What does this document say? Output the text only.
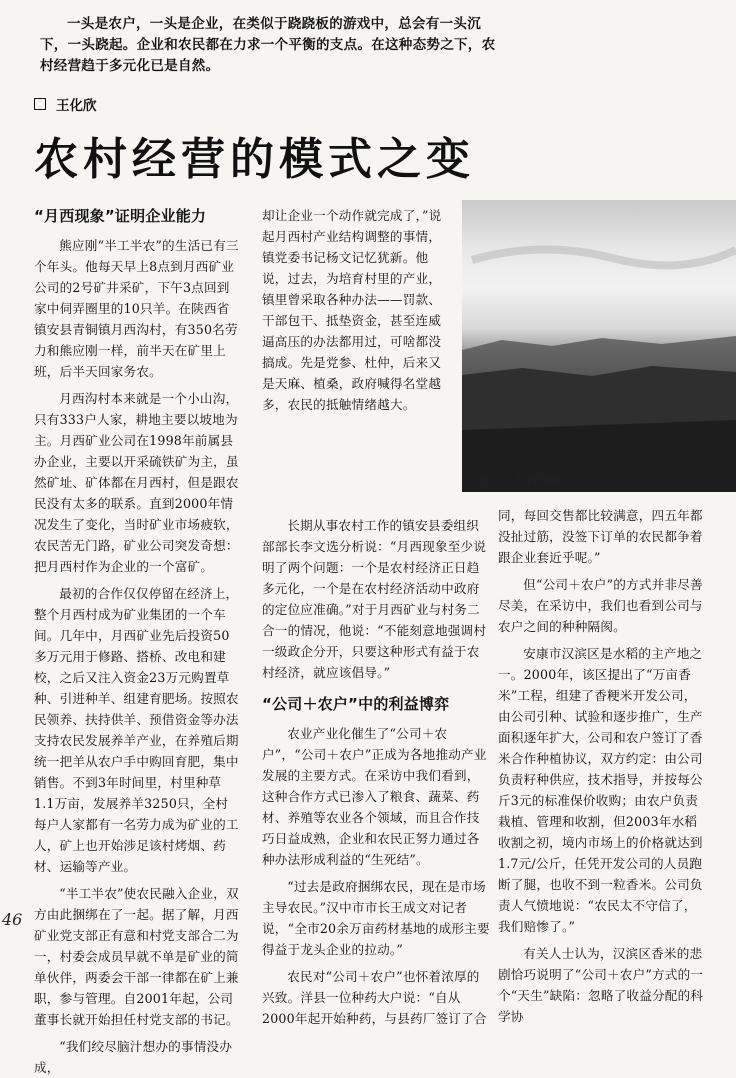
一头是农户，一头是企业，在类似于跷跷板的游戏中，总会有一头沉下，一头跷起。企业和农民都在力求一个平衡的支点。在这种态势之下，农村经营趋于多元化已是自然。

王化欣
农村经营的模式之变
“月西现象”证明企业能力

熊应刚“半工半农”的生活已有三个年头。他每天早上8点到月西矿业公司的2号矿井采矿，下午3点回到家中伺弄圈里的10只羊。在陕西省镇安县青铜镇月西沟村，有350名劳力和熊应刚一样，前半天在矿里上班，后半天回家务农。

月西沟村本来就是一个小山沟，只有333户人家，耕地主要以坡地为主。月西矿业公司在1998年前属县办企业，主要以开采硫铁矿为主，虽然矿址、矿体都在月西村，但是跟农民没有太多的联系。直到2000年情况发生了变化，当时矿业市场疲软，农民苦无门路，矿业公司突发奇想：把月西村作为企业的一个富矿。

最初的合作仅仅停留在经济上，整个月西村成为矿业集团的一个车间。几年中，月西矿业先后投资50多万元用于修路、搭桥、改电和建校，之后又注入资金23万元购置草种、引进种羊、组建育肥场。按照农民领养、扶持供羊、预借资金等办法支持农民发展养羊产业，在养殖后期统一把羊从农户手中购回育肥，集中销售。不到3年时间里，村里种草1.1万亩，发展养羊3250只，全村每户人家都有一名劳力成为矿业的工人，矿上也开始涉足该村烤烟、药材、运输等产业。

“半工半农”使农民融入企业，双方由此捆绑在了一起。据了解，月西矿业党支部正有意和村党支部合二为一，村委会成员早就不单是矿业的简单伙伴，两委会干部一律都在矿上兼职，参与管理。自2001年起，公司董事长就开始担任村党支部的书记。

“我们绞尽脑汁想办的事情没办成，

却让企业一个动作就完成了，”说起月西村产业结构调整的事情，镇党委书记杨文记忆犹新。他说，过去，为培育村里的产业，镇里曾采取各种办法——罚款、干部包干、抵垫资金，甚至连威逼高压的办法都用过，可啥都没搞成。先是党参、杜仲，后来又是天麻、植桑，政府喊得名堂越多，农民的抵触情绪越大。

长期从事农村工作的镇安县委组织部部长李文选分析说：“月西现象至少说明了两个问题：一个是农村经济正日趋多元化，一个是在农村经济活动中政府的定位应准确。”对于月西矿业与村务二合一的情况，他说：“不能刻意地强调村一级政企分开，只要这种形式有益于农村经济，就应该倡导。”

“公司＋农户”中的利益博弈

农业产业化催生了“公司＋农户”，“公司＋农户”正成为各地推动产业发展的主要方式。在采访中我们看到，这种合作方式已渗入了粮食、蔬菜、药材、养殖等农业各个领域，而且合作技巧日益成熟，企业和农民正努力通过各种办法形成利益的“生死结”。

“过去是政府捆绑农民，现在是市场主导农民。”汉中市市长王成文对记者说，“全市20余万亩药材基地的成形主要得益于龙头企业的拉动。”

农民对“公司＋农户”也怀着浓厚的兴致。洋县一位种药大户说：“自从2000年起开始种药，与县药厂签订了合

图片：本刊图库

同，每回交售都比较满意，四五年都没扯过筋，没签下订单的农民都争着跟企业套近乎呢。”

但“公司＋农户”的方式并非尽善尽美，在采访中，我们也看到公司与农户之间的种种隔阂。

安康市汉滨区是水稻的主产地之一。2000年，该区提出了“万亩香米”工程，组建了香粳米开发公司，由公司引种、试验和逐步推广，生产面积逐年扩大，公司和农户签订了香米合作种植协议，双方约定：由公司负责籽种供应，技术指导，并按每公斤3元的标准保价收购；由农户负责栽植、管理和收割，但2003年水稻收割之初，境内市场上的价格就达到1.7元/公斤，任凭开发公司的人员跑断了腿，也收不到一粒香米。公司负责人气愤地说：“农民太不守信了，我们赔惨了。”

有关人士认为，汉滨区香米的悲剧恰巧说明了“公司＋农户”方式的一个“天生”缺陷：忽略了收益分配的科学协

46
